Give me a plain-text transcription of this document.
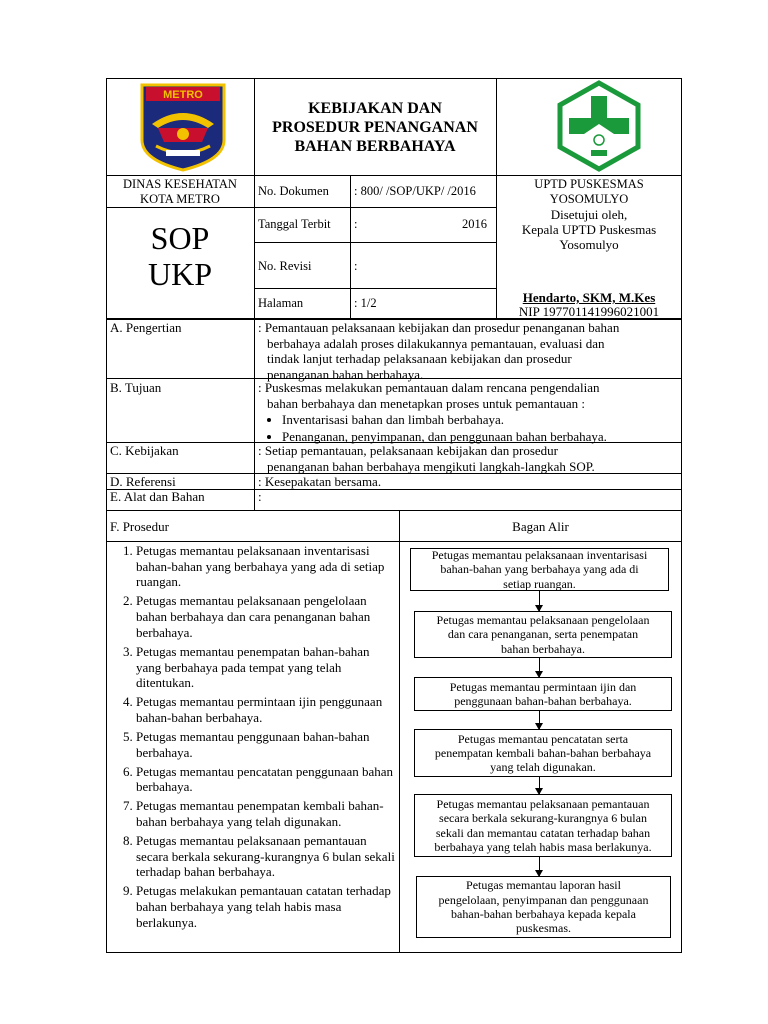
METRO
KEBIJAKAN DAN
PROSEDUR PENANGANAN
BAHAN BERBAHAYA
DINAS KESEHATAN
KOTA METRO
No. Dokumen : 800/ /SOP/UKP/ /2016	UPTD PUSKESMAS
YOSOMULYO
SOP
UKP
Tanggal Terbit :	2016
No. Revisi	:
Halaman	: 1/2
Disetujui oleh,
Kepala UPTD Puskesmas
Yosomulyo
Hendarto, SKM, M.Kes
NIP 197701141996021001
A. Pengertian	: Pemantauan pelaksanaan kebijakan dan prosedur penanganan bahan
berbahaya adalah proses dilakukannya pemantauan, evaluasi dan
tindak lanjut terhadap pelaksanaan kebijakan dan prosedur
penanganan bahan berbahaya.
B. Tujuan	: Puskesmas melakukan pemantauan dalam rencana pengendalian
bahan berbahaya dan menetapkan proses untuk pemantauan :
• Inventarisasi bahan dan limbah berbahaya.
• Penanganan, penyimpanan, dan penggunaan bahan berbahaya.
C. Kebijakan	: Setiap pemantauan, pelaksanaan kebijakan dan prosedur
penanganan bahan berbahaya mengikuti langkah-langkah SOP.
D. Referensi	: Kesepakatan bersama.
E. Alat dan Bahan	:
F. Prosedur	Bagan Alir
1. Petugas memantau pelaksanaan inventarisasi bahan-bahan yang berbahaya yang ada di setiap ruangan.
2. Petugas memantau pelaksanaan pengelolaan bahan berbahaya dan cara penanganan bahan berbahaya.
3. Petugas memantau penempatan bahan-bahan yang berbahaya pada tempat yang telah ditentukan.
4. Petugas memantau permintaan ijin penggunaan bahan-bahan berbahaya.
5. Petugas memantau penggunaan bahan-bahan berbahaya.
6. Petugas memantau pencatatan penggunaan bahan berbahaya.
7. Petugas memantau penempatan kembali bahan-bahan berbahaya yang telah digunakan.
8. Petugas memantau pelaksanaan pemantauan secara berkala sekurang-kurangnya 6 bulan sekali terhadap bahan berbahaya.
9. Petugas melakukan pemantauan catatan terhadap bahan berbahaya yang telah habis masa berlakunya.
Petugas memantau pelaksanaan inventarisasi
bahan-bahan yang berbahaya yang ada di
setiap ruangan.
Petugas memantau pelaksanaan pengelolaan
dan cara penanganan, serta penempatan
bahan berbahaya.
Petugas memantau permintaan ijin dan
penggunaan bahan-bahan berbahaya.
Petugas memantau pencatatan serta
penempatan kembali bahan-bahan berbahaya
yang telah digunakan.
Petugas memantau pelaksanaan pemantauan
secara berkala sekurang-kurangnya 6 bulan
sekali dan memantau catatan terhadap bahan
berbahaya yang telah habis masa berlakunya.
Petugas memantau laporan hasil
pengelolaan, penyimpanan dan penggunaan
bahan-bahan berbahaya kepada kepala
puskesmas.
